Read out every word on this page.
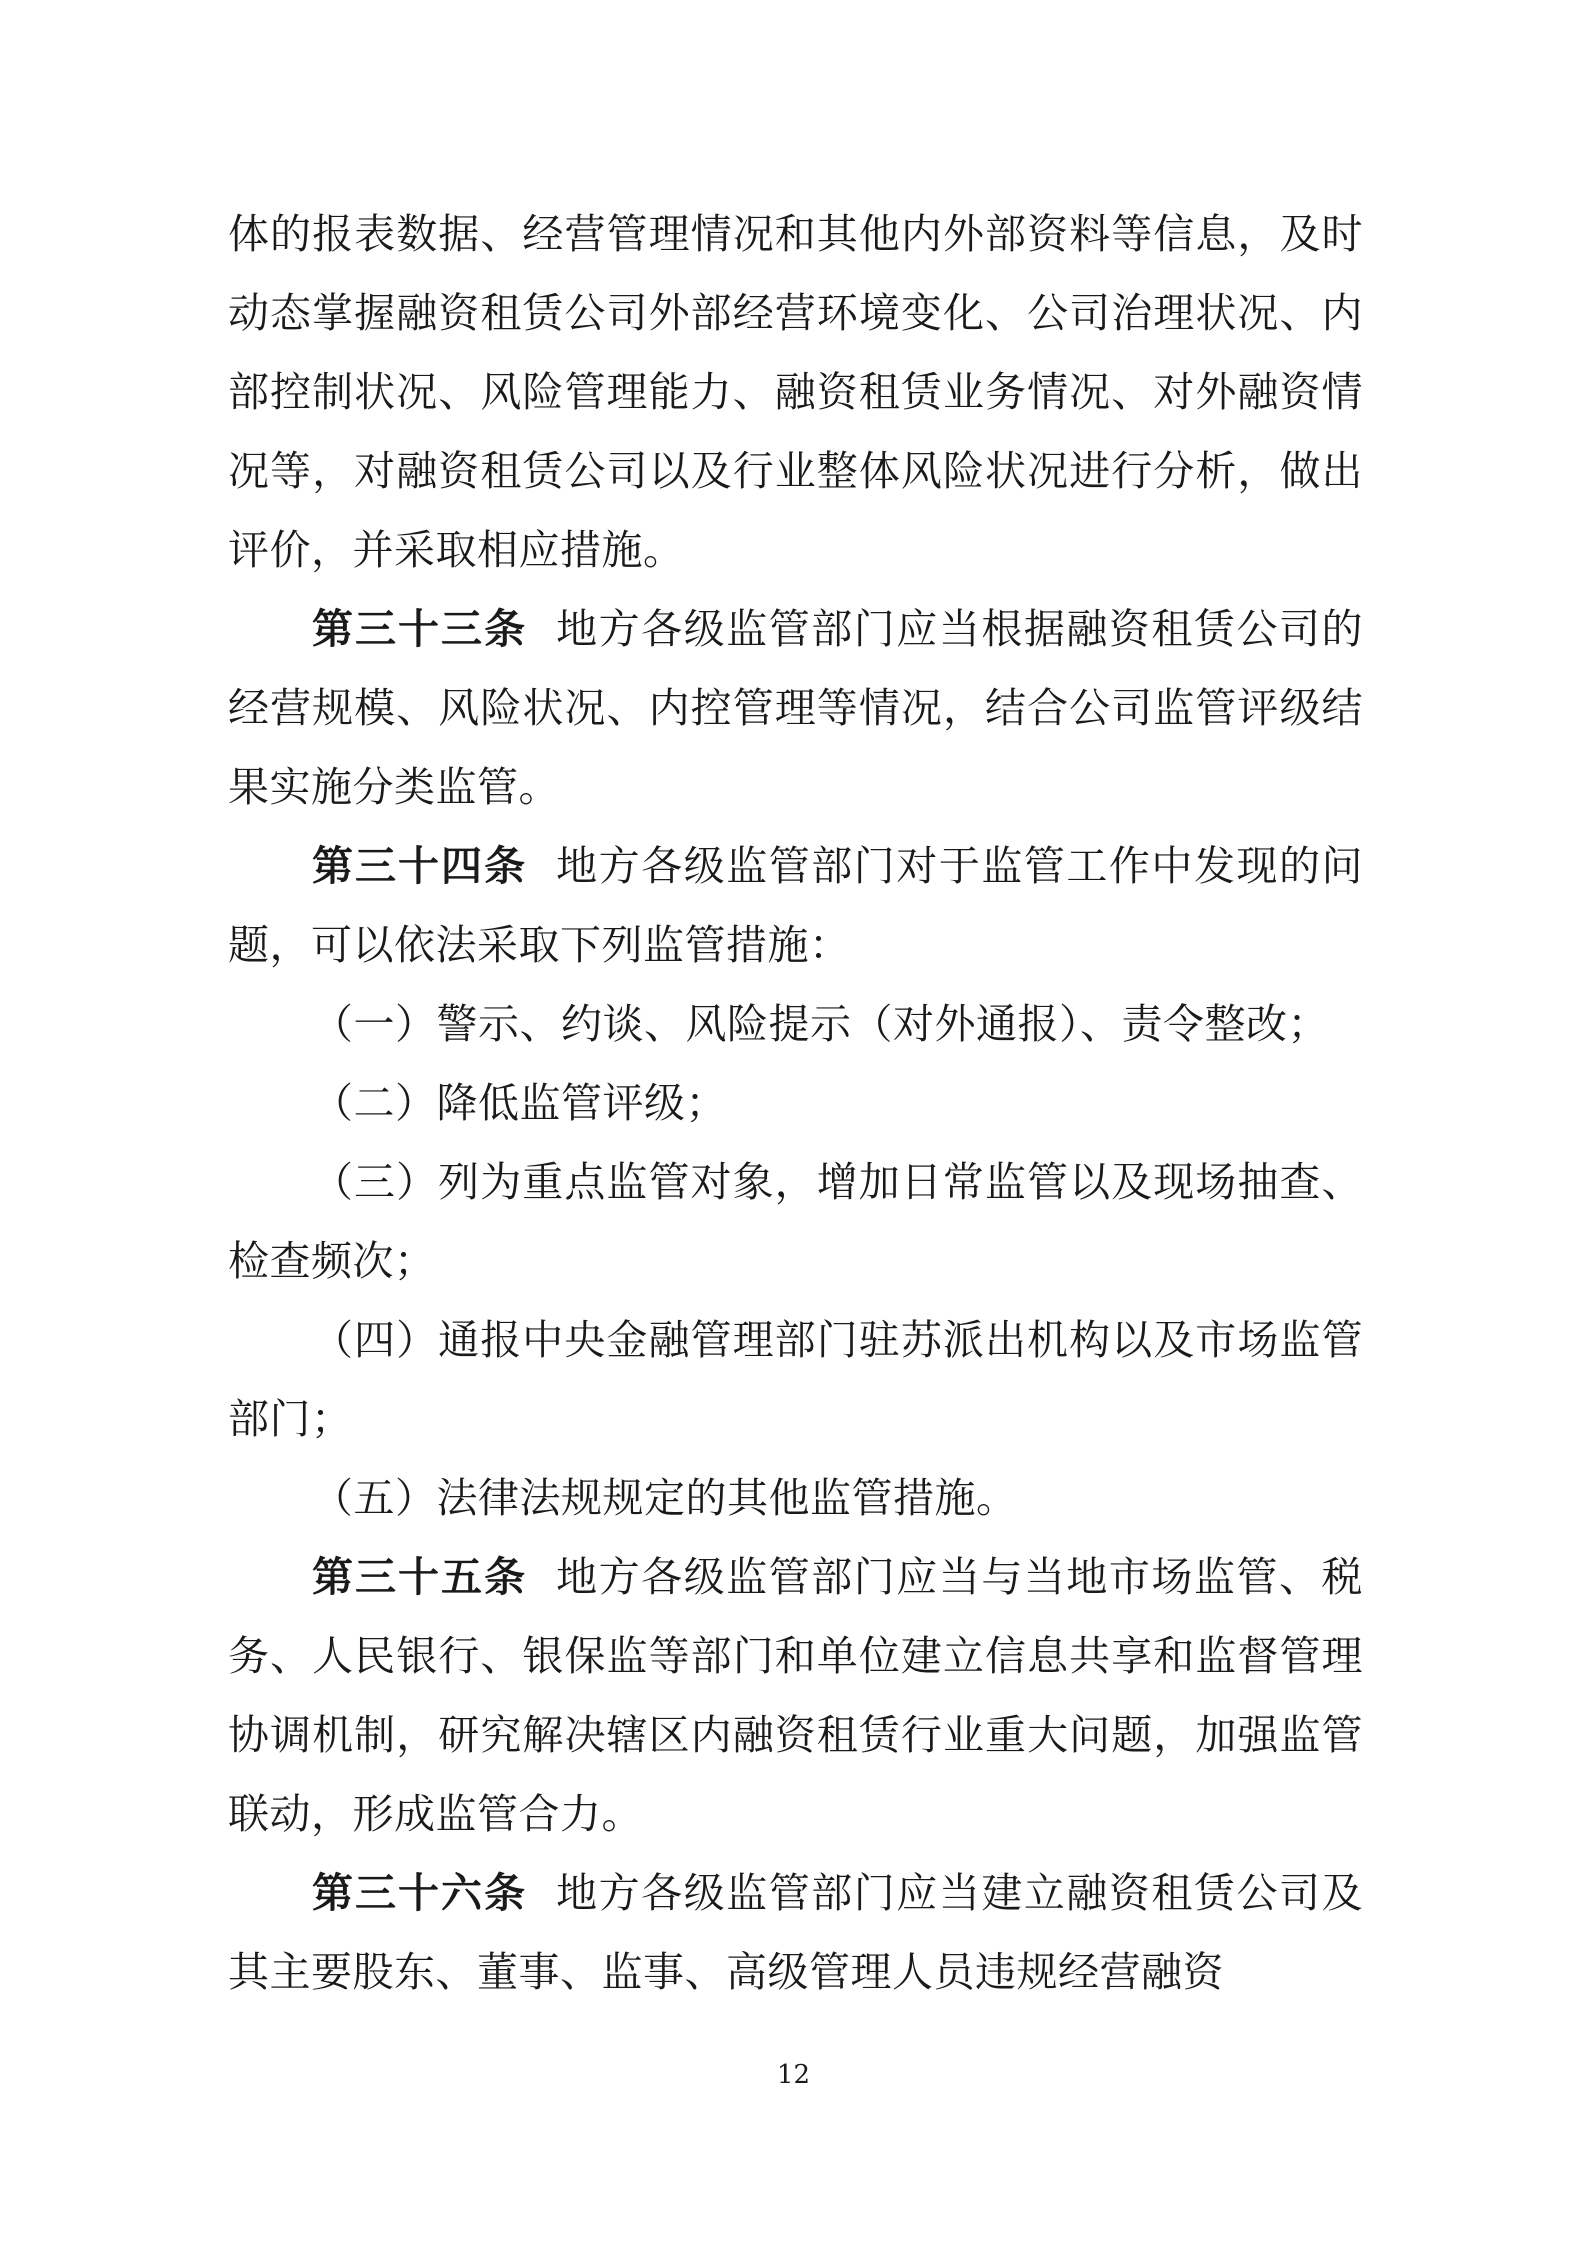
体的报表数据、经营管理情况和其他内外部资料等信息，及时动态掌握融资租赁公司外部经营环境变化、公司治理状况、内部控制状况、风险管理能力、融资租赁业务情况、对外融资情况等，对融资租赁公司以及行业整体风险状况进行分析，做出评价，并采取相应措施。

第三十三条 地方各级监管部门应当根据融资租赁公司的经营规模、风险状况、内控管理等情况，结合公司监管评级结果实施分类监管。

第三十四条 地方各级监管部门对于监管工作中发现的问题，可以依法采取下列监管措施：

（一）警示、约谈、风险提示（对外通报）、责令整改；

（二）降低监管评级；

（三）列为重点监管对象，增加日常监管以及现场抽查、检查频次；

（四）通报中央金融管理部门驻苏派出机构以及市场监管部门；

（五）法律法规规定的其他监管措施。

第三十五条 地方各级监管部门应当与当地市场监管、税务、人民银行、银保监等部门和单位建立信息共享和监督管理协调机制，研究解决辖区内融资租赁行业重大问题，加强监管联动，形成监管合力。

第三十六条 地方各级监管部门应当建立融资租赁公司及其主要股东、董事、监事、高级管理人员违规经营融资

12
